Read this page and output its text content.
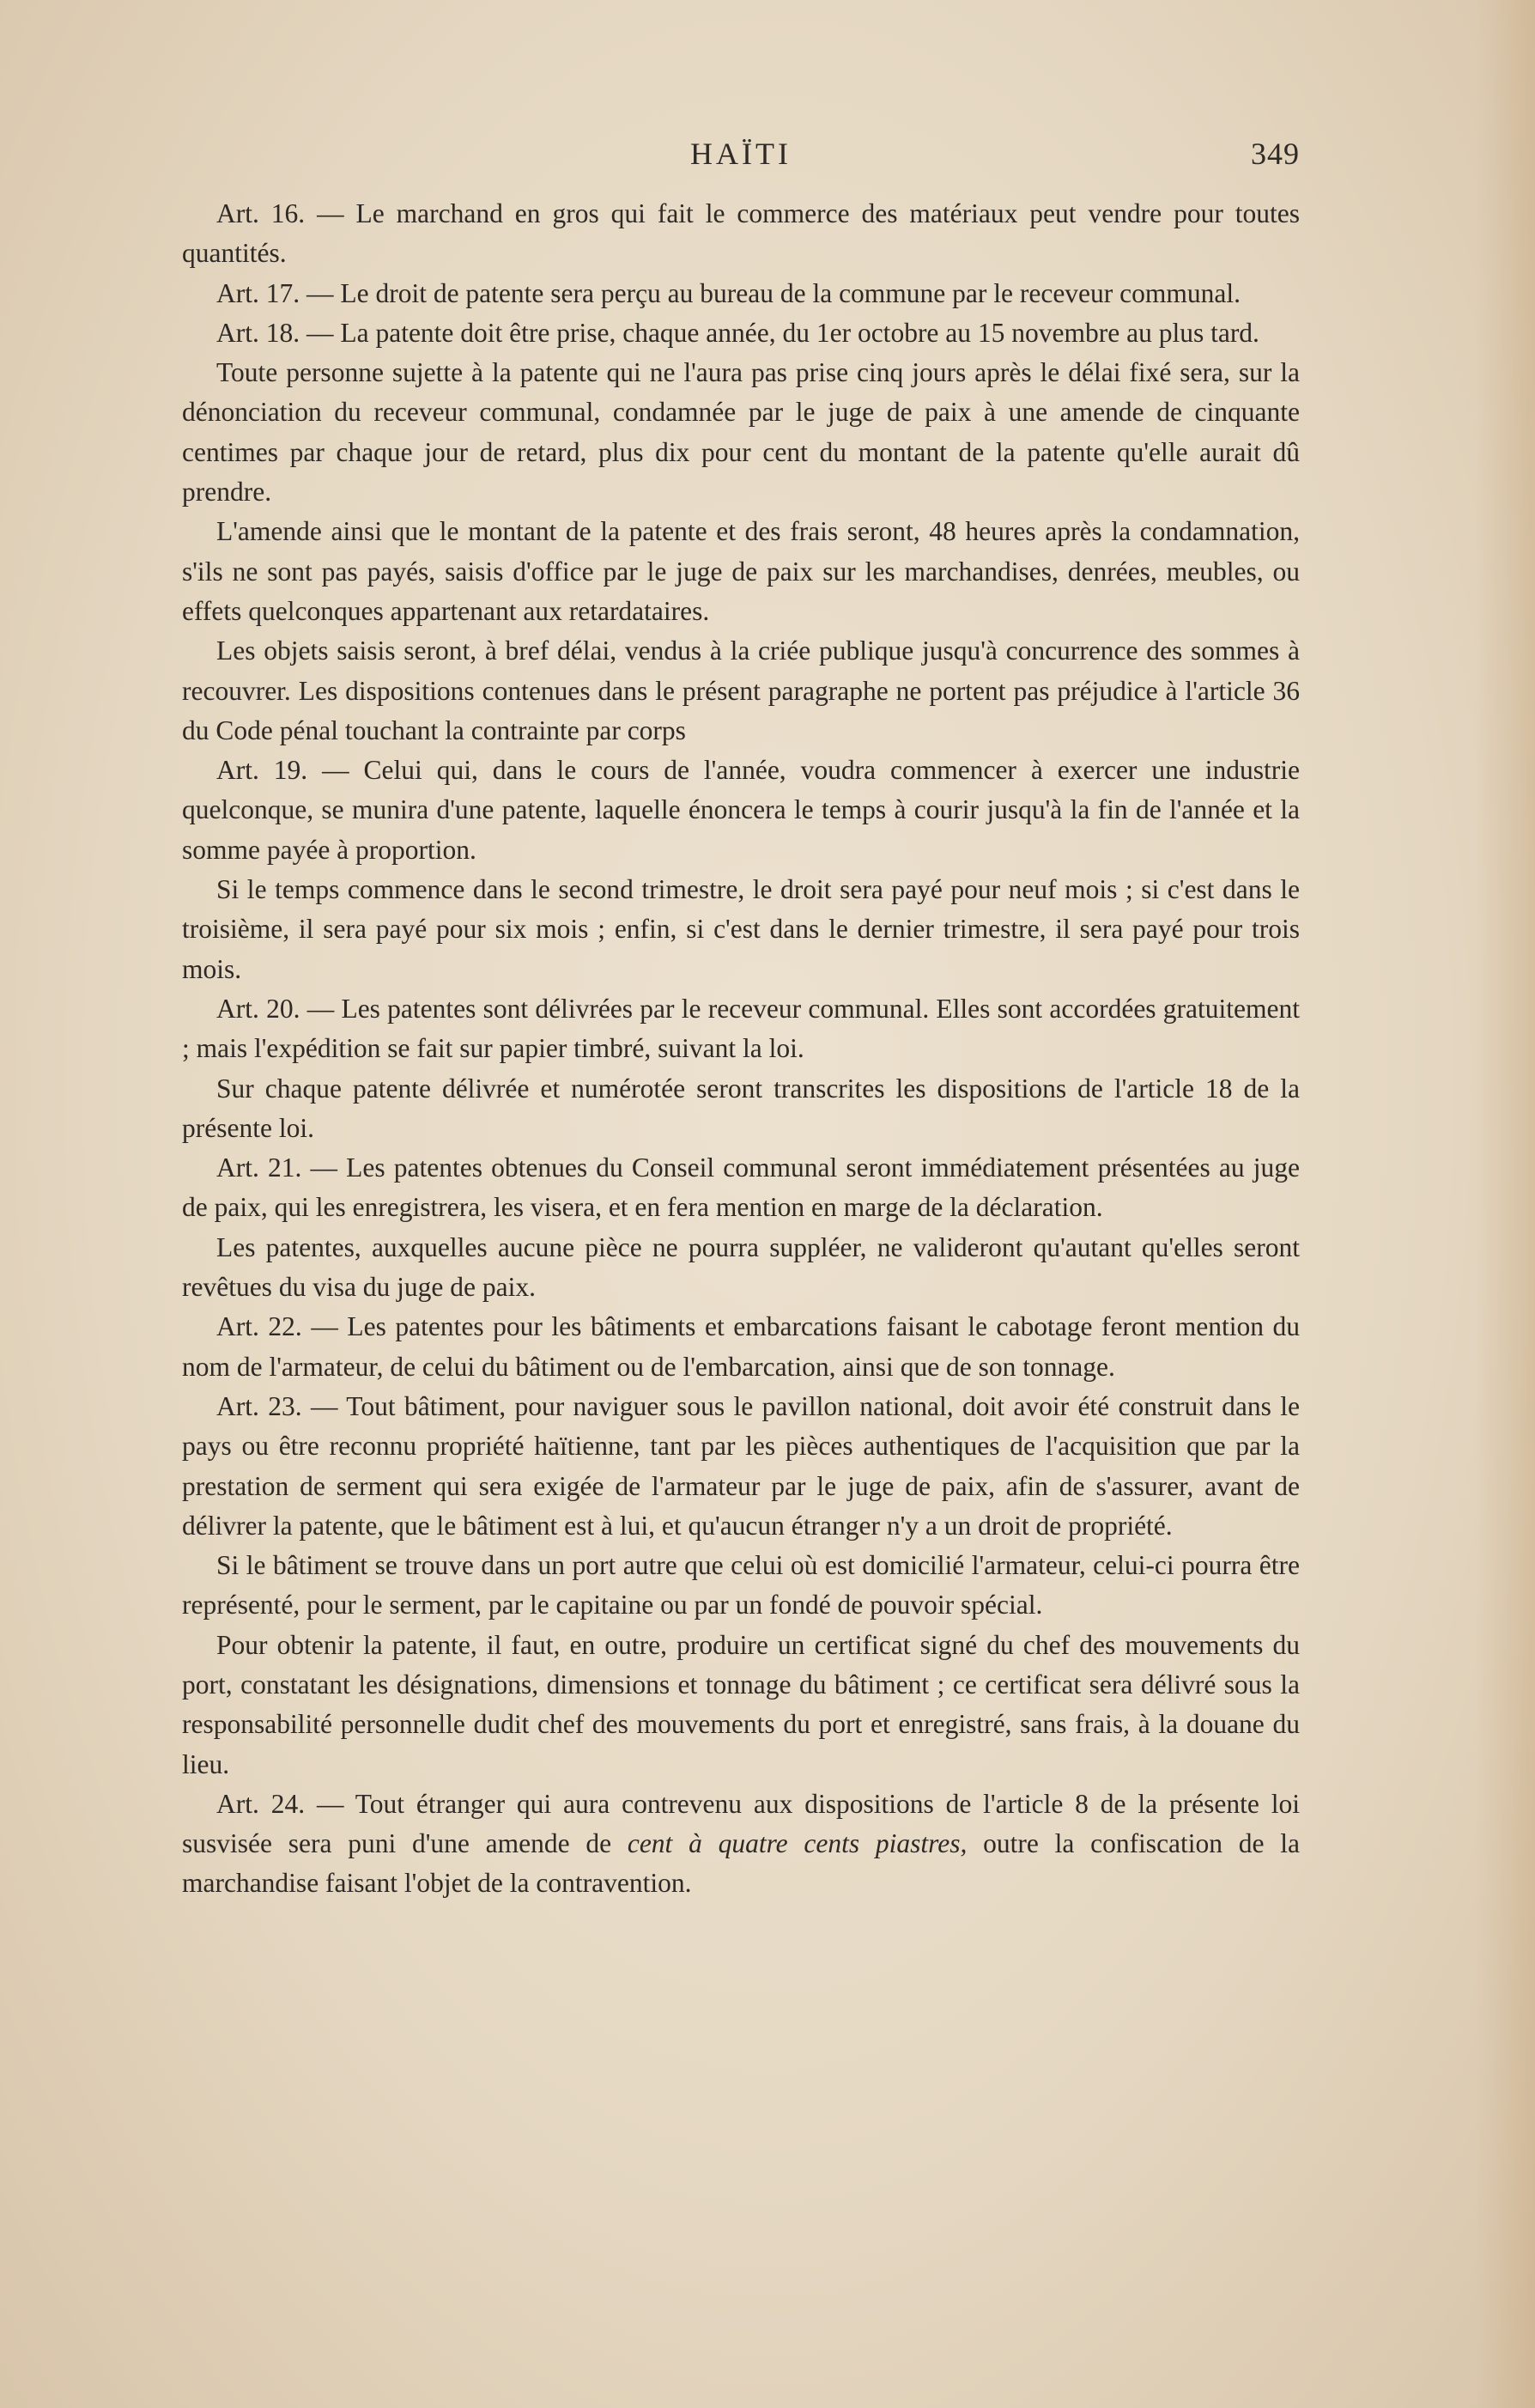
HAÏTI	349

Art. 16. — Le marchand en gros qui fait le commerce des matériaux peut vendre pour toutes quantités.

Art. 17. — Le droit de patente sera perçu au bureau de la commune par le receveur communal.

Art. 18. — La patente doit être prise, chaque année, du 1er octobre au 15 novembre au plus tard.

Toute personne sujette à la patente qui ne l'aura pas prise cinq jours après le délai fixé sera, sur la dénonciation du receveur communal, condamnée par le juge de paix à une amende de cinquante centimes par chaque jour de retard, plus dix pour cent du montant de la patente qu'elle aurait dû prendre.

L'amende ainsi que le montant de la patente et des frais seront, 48 heures après la condamnation, s'ils ne sont pas payés, saisis d'office par le juge de paix sur les marchandises, denrées, meubles, ou effets quelconques appartenant aux retardataires.

Les objets saisis seront, à bref délai, vendus à la criée publique jusqu'à concurrence des sommes à recouvrer. Les dispositions contenues dans le présent paragraphe ne portent pas préjudice à l'article 36 du Code pénal touchant la contrainte par corps

Art. 19. — Celui qui, dans le cours de l'année, voudra commencer à exercer une industrie quelconque, se munira d'une patente, laquelle énoncera le temps à courir jusqu'à la fin de l'année et la somme payée à proportion.

Si le temps commence dans le second trimestre, le droit sera payé pour neuf mois ; si c'est dans le troisième, il sera payé pour six mois ; enfin, si c'est dans le dernier trimestre, il sera payé pour trois mois.

Art. 20. — Les patentes sont délivrées par le receveur communal. Elles sont accordées gratuitement ; mais l'expédition se fait sur papier timbré, suivant la loi.

Sur chaque patente délivrée et numérotée seront transcrites les dispositions de l'article 18 de la présente loi.

Art. 21. — Les patentes obtenues du Conseil communal seront immédiatement présentées au juge de paix, qui les enregistrera, les visera, et en fera mention en marge de la déclaration.

Les patentes, auxquelles aucune pièce ne pourra suppléer, ne valideront qu'autant qu'elles seront revêtues du visa du juge de paix.

Art. 22. — Les patentes pour les bâtiments et embarcations faisant le cabotage feront mention du nom de l'armateur, de celui du bâtiment ou de l'embarcation, ainsi que de son tonnage.

Art. 23. — Tout bâtiment, pour naviguer sous le pavillon national, doit avoir été construit dans le pays ou être reconnu propriété haïtienne, tant par les pièces authentiques de l'acquisition que par la prestation de serment qui sera exigée de l'armateur par le juge de paix, afin de s'assurer, avant de délivrer la patente, que le bâtiment est à lui, et qu'aucun étranger n'y a un droit de propriété.

Si le bâtiment se trouve dans un port autre que celui où est domicilié l'armateur, celui-ci pourra être représenté, pour le serment, par le capitaine ou par un fondé de pouvoir spécial.

Pour obtenir la patente, il faut, en outre, produire un certificat signé du chef des mouvements du port, constatant les désignations, dimensions et tonnage du bâtiment ; ce certificat sera délivré sous la responsabilité personnelle dudit chef des mouvements du port et enregistré, sans frais, à la douane du lieu.

Art. 24. — Tout étranger qui aura contrevenu aux dispositions de l'article 8 de la présente loi susvisée sera puni d'une amende de cent à quatre cents piastres, outre la confiscation de la marchandise faisant l'objet de la contravention.
